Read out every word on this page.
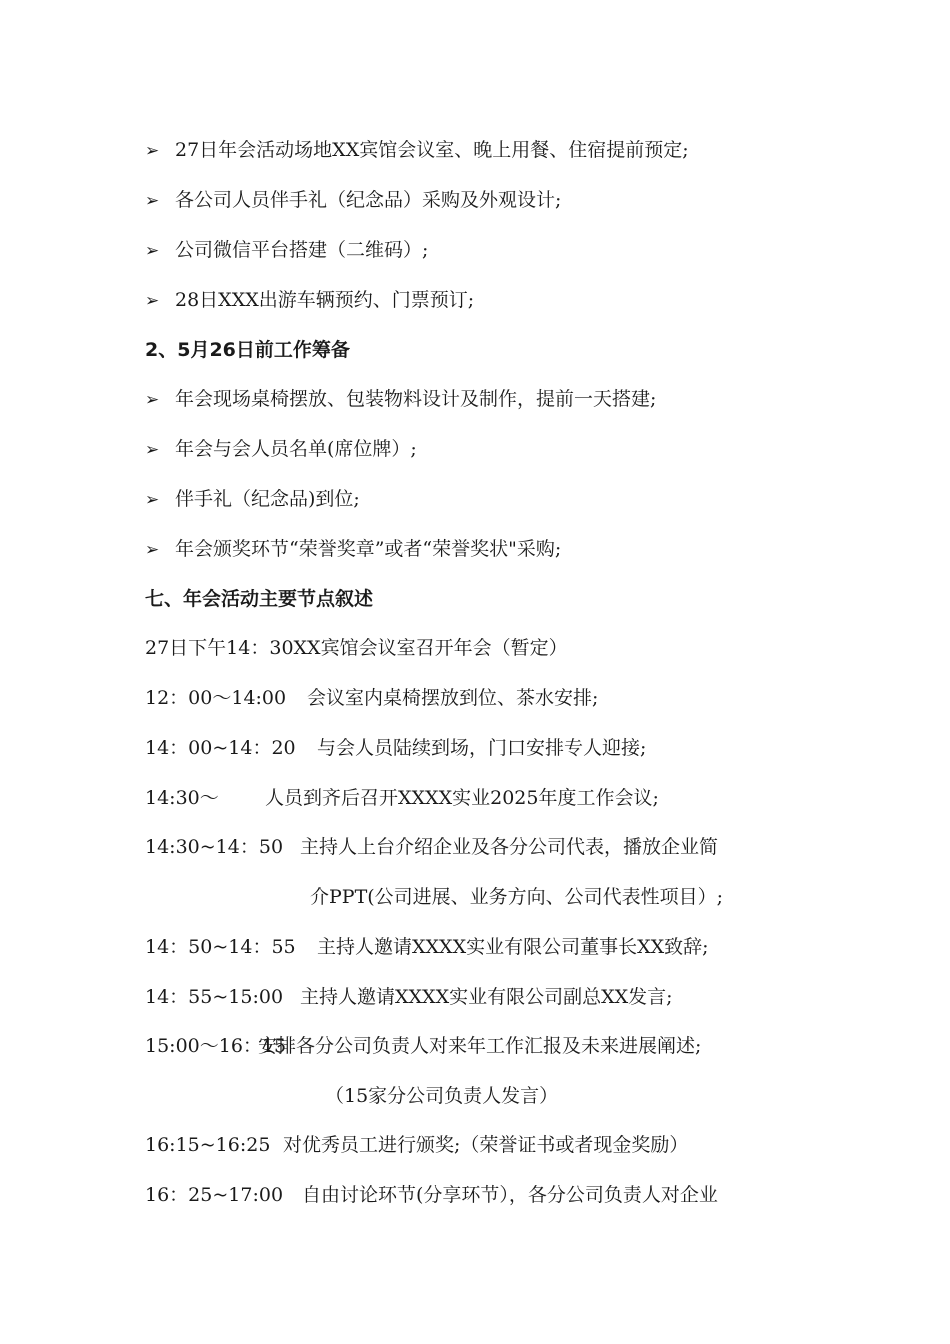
➢ 27日年会活动场地XX宾馆会议室、晚上用餐、住宿提前预定;
➢ 各公司人员伴手礼（纪念品）采购及外观设计;
➢ 公司微信平台搭建（二维码）;
➢ 28日XXX出游车辆预约、门票预订;
2、5月26日前工作筹备
➢ 年会现场桌椅摆放、包装物料设计及制作，提前一天搭建;
➢ 年会与会人员名单(席位牌）;
➢ 伴手礼（纪念品)到位;
➢ 年会颁奖环节“荣誉奖章”或者“荣誉奖状"采购;
七、年会活动主要节点叙述
27日下午14：30XX宾馆会议室召开年会（暂定）
12：00～14:00 会议室内桌椅摆放到位、茶水安排;
14：00~14：20 与会人员陆续到场，门口安排专人迎接;
14:30～ 人员到齐后召开XXXX实业2025年度工作会议;
14:30~14：50 主持人上台介绍企业及各分公司代表，播放企业简
介PPT(公司进展、业务方向、公司代表性项目）;
14：50~14：55 主持人邀请XXXX实业有限公司董事长XX致辞;
14：55~15:00 主持人邀请XXXX实业有限公司副总XX发言;
15:00～16：15安排各分公司负责人对来年工作汇报及未来进展阐述;
（15家分公司负责人发言）
16:15~16:25 对优秀员工进行颁奖;（荣誉证书或者现金奖励）
16：25~17:00 自由讨论环节(分享环节），各分公司负责人对企业
